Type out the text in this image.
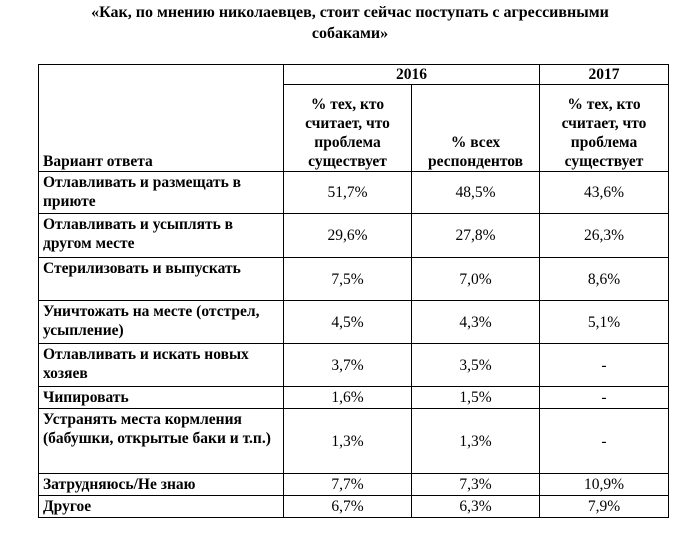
«Как, по мнению николаевцев, стоит сейчас поступать с агрессивными
собаками»
Вариант ответа	2016		2017
	% тех, кто считает, что проблема существует	% всех респондентов	% тех, кто считает, что проблема существует
Отлавливать и размещать в приюте	51,7%	48,5%	43,6%
Отлавливать и усыплять в другом месте	29,6%	27,8%	26,3%
Стерилизовать и выпускать	7,5%	7,0%	8,6%
Уничтожать на месте (отстрел, усыпление)	4,5%	4,3%	5,1%
Отлавливать и искать новых хозяев	3,7%	3,5%	-
Чипировать	1,6%	1,5%	-
Устранять места кормления (бабушки, открытые баки и т.п.)	1,3%	1,3%	-
Затрудняюсь/Не знаю	7,7%	7,3%	10,9%
Другое	6,7%	6,3%	7,9%
